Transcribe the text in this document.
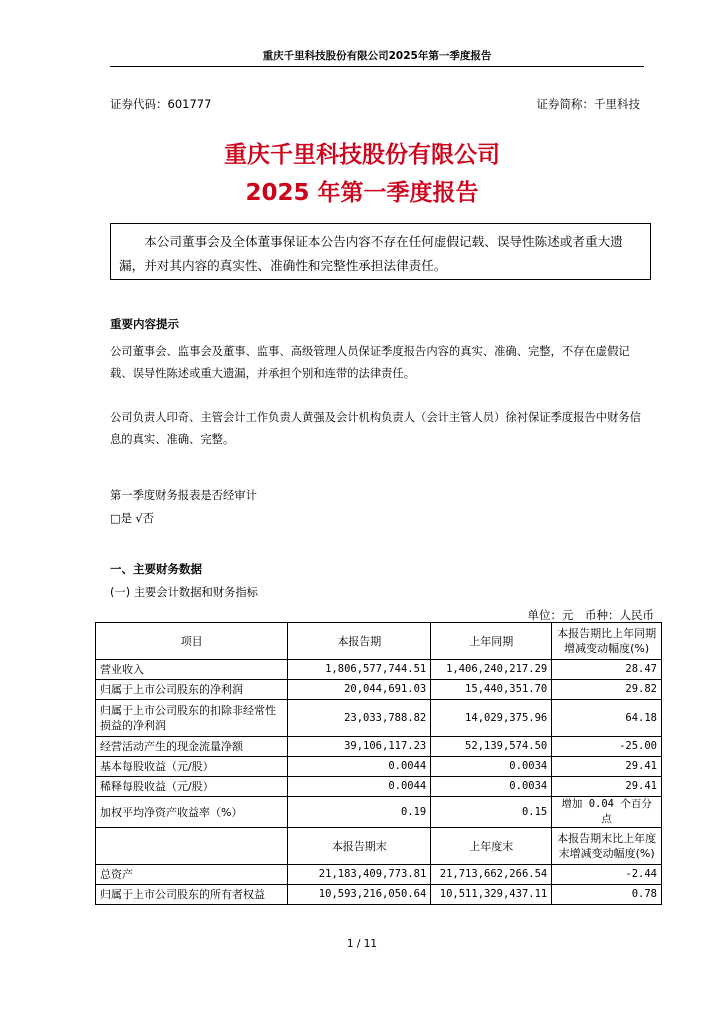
重庆千里科技股份有限公司2025年第一季度报告
证券代码：601777	证券简称：千里科技
重庆千里科技股份有限公司
2025 年第一季度报告

本公司董事会及全体董事保证本公告内容不存在任何虚假记载、误导性陈述或者重大遗漏，并对其内容的真实性、准确性和完整性承担法律责任。

重要内容提示
公司董事会、监事会及董事、监事、高级管理人员保证季度报告内容的真实、准确、完整，不存在虚假记载、误导性陈述或重大遗漏，并承担个别和连带的法律责任。
公司负责人印奇、主管会计工作负责人黄强及会计机构负责人（会计主管人员）徐衬保证季度报告中财务信息的真实、准确、完整。
第一季度财务报表是否经审计
□是 √否
一、主要财务数据
(一) 主要会计数据和财务指标
单位：元　币种：人民币
项目	本报告期	上年同期	本报告期比上年同期增减变动幅度(%)
营业收入	1,806,577,744.51	1,406,240,217.29	28.47
归属于上市公司股东的净利润	20,044,691.03	15,440,351.70	29.82
归属于上市公司股东的扣除非经常性损益的净利润	23,033,788.82	14,029,375.96	64.18
经营活动产生的现金流量净额	39,106,117.23	52,139,574.50	-25.00
基本每股收益（元/股）	0.0044	0.0034	29.41
稀释每股收益（元/股）	0.0044	0.0034	29.41
加权平均净资产收益率（%）	0.19	0.15	增加 0.04 个百分点
	本报告期末	上年度末	本报告期末比上年度末增减变动幅度(%)
总资产	21,183,409,773.81	21,713,662,266.54	-2.44
归属于上市公司股东的所有者权益	10,593,216,050.64	10,511,329,437.11	0.78
1 / 11
